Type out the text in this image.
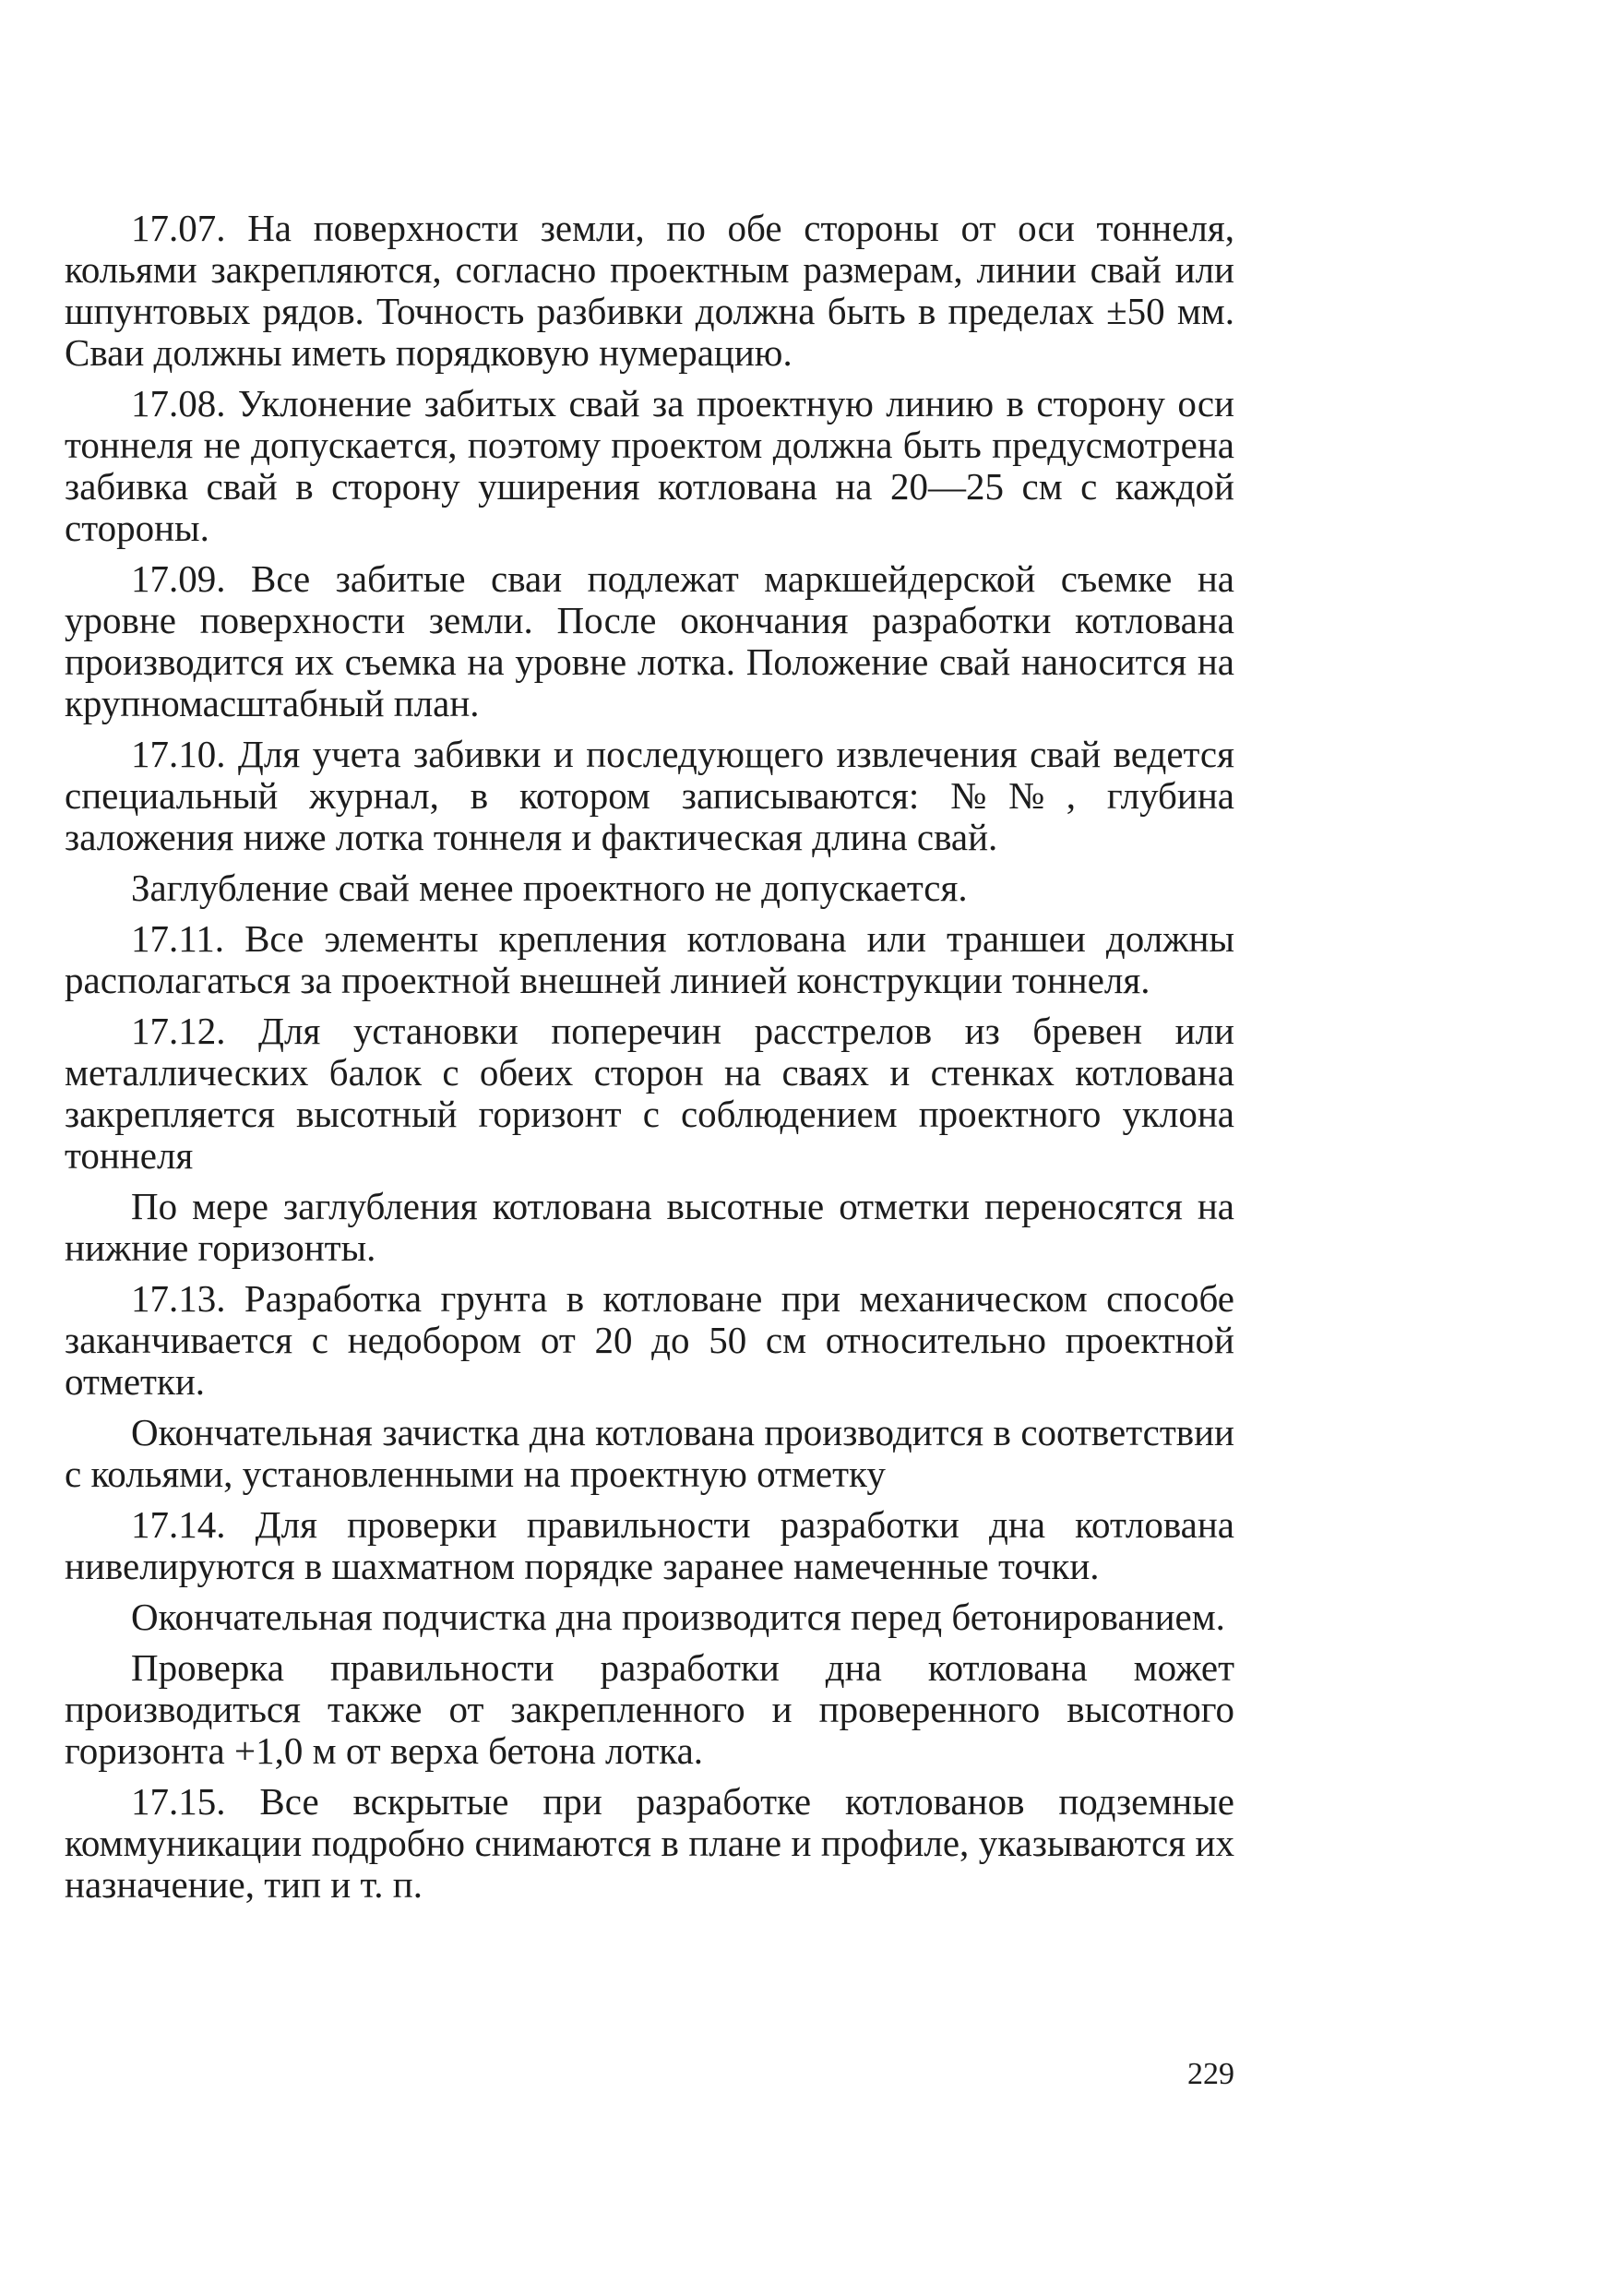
17.07. На поверхности земли, по обе стороны от оси тоннеля, кольями закрепляются, согласно проектным размерам, линии свай или шпунтовых рядов. Точность разбивки должна быть в пределах ±50 мм. Сваи должны иметь порядковую нумерацию.

17.08. Уклонение забитых свай за проектную линию в сторону оси тоннеля не допускается, поэтому проектом должна быть предусмотрена забивка свай в сторону уширения котлована на 20—25 см с каждой стороны.

17.09. Все забитые сваи подлежат маркшейдерской съемке на уровне поверхности земли. После окончания разработки котлована производится их съемка на уровне лотка. Положение свай наносится на крупномасштабный план.

17.10. Для учета забивки и последующего извлечения свай ведется специальный журнал, в котором записываются: №№, глубина заложения ниже лотка тоннеля и фактическая длина свай.

Заглубление свай менее проектного не допускается.

17.11. Все элементы крепления котлована или траншеи должны располагаться за проектной внешней линией конструкции тоннеля.

17.12. Для установки поперечин расстрелов из бревен или металлических балок с обеих сторон на сваях и стенках котлована закрепляется высотный горизонт с соблюдением проектного уклона тоннеля

По мере заглубления котлована высотные отметки переносятся на нижние горизонты.

17.13. Разработка грунта в котловане при механическом способе заканчивается с недобором от 20 до 50 см относительно проектной отметки.

Окончательная зачистка дна котлована производится в соответствии с кольями, установленными на проектную отметку

17.14. Для проверки правильности разработки дна котлована нивелируются в шахматном порядке заранее намеченные точки.

Окончательная подчистка дна производится перед бетонированием.

Проверка правильности разработки дна котлована может производиться также от закрепленного и проверенного высотного горизонта +1,0 м от верха бетона лотка.

17.15. Все вскрытые при разработке котлованов подземные коммуникации подробно снимаются в плане и профиле, указываются их назначение, тип и т. п.

229
